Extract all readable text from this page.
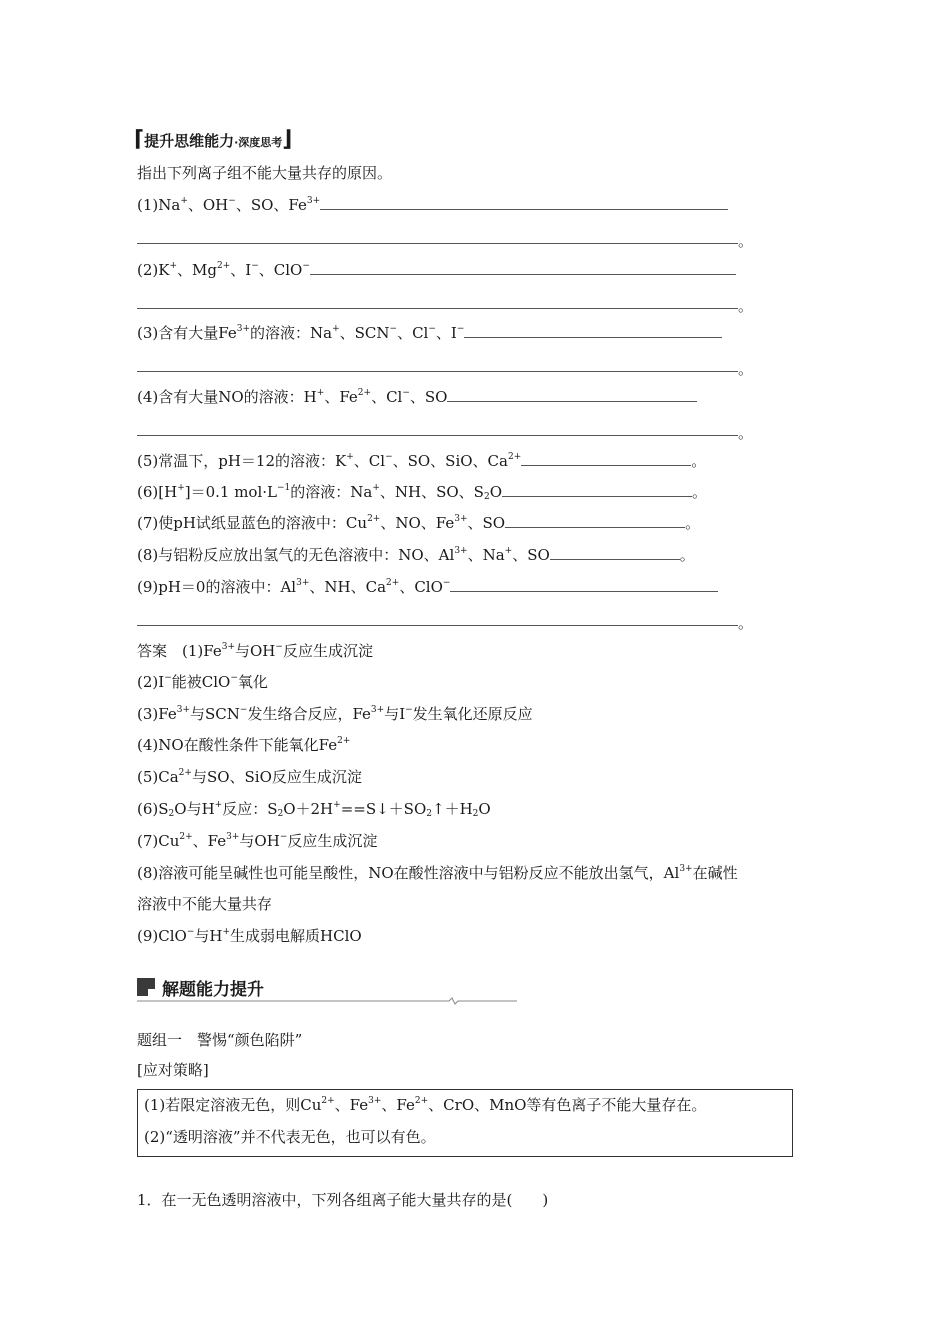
⌈提升思维能力·深度思考⌋
指出下列离子组不能大量共存的原因。
(1)Na+、OH−、SO、$Fe^{3+}$
。
(2)K+、$Mg^{2+}$、I−、ClO−
。
(3)含有大量$Fe^{3+}$的溶液：Na+、SCN−、Cl−、I−
。
(4)含有大量NO的溶液：H+、$Fe^{2+}$、Cl−、SO
。
(5)常温下，pH＝12的溶液：K+、Cl−、SO、SiO、$Ca^{2+}$	。
(6)[H+]＝0.1 $mol\cdot L^{-1}$的溶液：Na+、NH、SO、$S_2O$	。
(7)使pH试纸显蓝色的溶液中：$Cu^{2+}$、NO、$Fe^{3+}$、SO	。
(8)与铝粉反应放出氢气的无色溶液中：NO、$Al^{3+}$、Na+、SO	。
(9)pH＝0的溶液中：$Al^{3+}$、NH、$Ca^{2+}$、ClO−
。
答案　$(1)Fe^{3+}$与OH−反应生成沉淀
(2)I−能被ClO−氧化
$(3)Fe^{3+}$与SCN−发生络合反应，$Fe^{3+}$与I−发生氧化还原反应
(4)NO在酸性条件下能氧化$Fe^{2+}$
$(5)Ca^{2+}$与SO、SiO反应生成沉淀
$(6)S_2O$与H+反应：$S_2O+2H^+==S↓+SO_2↑+H_2O$
$(7)Cu^{2+}$、$Fe^{3+}$与OH−反应生成沉淀
(8)溶液可能呈碱性也可能呈酸性，NO在酸性溶液中与铝粉反应不能放出氢气，$Al^{3+}$在碱性
溶液中不能大量共存
(9)ClO−与H+生成弱电解质HClO
解题能力提升
题组一　警惕“颜色陷阱”
[应对策略]
(1)若限定溶液无色，则$Cu^{2+}$、$Fe^{3+}$、$Fe^{2+}$、CrO、MnO等有色离子不能大量存在。
(2)“透明溶液”并不代表无色，也可以有色。
1．在一无色透明溶液中，下列各组离子能大量共存的是(　　)
